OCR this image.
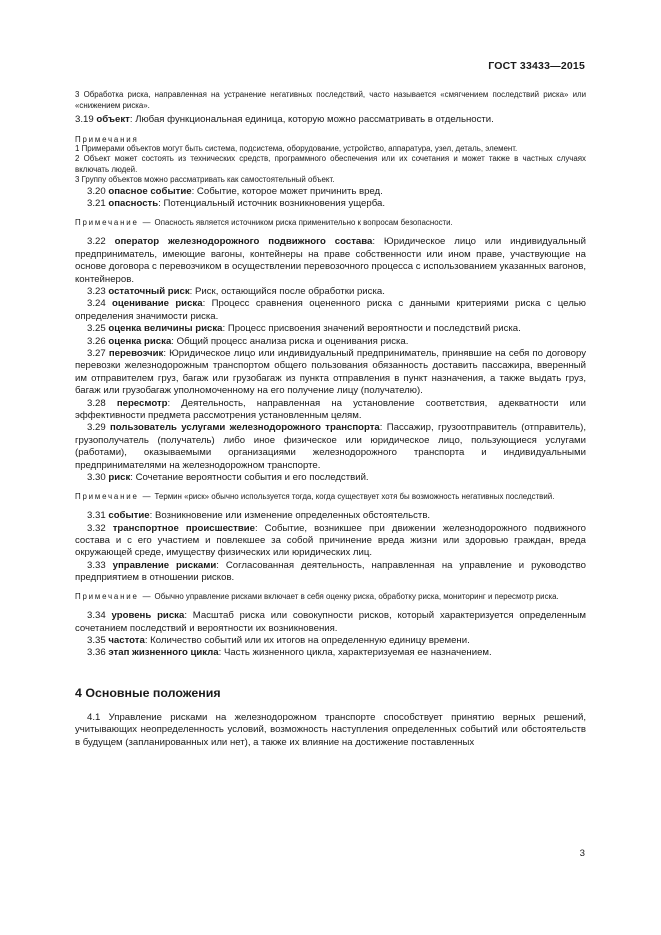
ГОСТ 33433—2015
3 Обработка риска, направленная на устранение негативных последствий, часто называется «смягчением последствий риска» или «снижением риска».
3.19 объект: Любая функциональная единица, которую можно рассматривать в отдельности.
Примечания
1 Примерами объектов могут быть система, подсистема, оборудование, устройство, аппаратура, узел, деталь, элемент.
2 Объект может состоять из технических средств, программного обеспечения или их сочетания и может также в частных случаях включать людей.
3 Группу объектов можно рассматривать как самостоятельный объект.
3.20 опасное событие: Событие, которое может причинить вред.
3.21 опасность: Потенциальный источник возникновения ущерба.
Примечание — Опасность является источником риска применительно к вопросам безопасности.
3.22 оператор железнодорожного подвижного состава: Юридическое лицо или индивидуальный предприниматель, имеющие вагоны, контейнеры на праве собственности или ином праве, участвующие на основе договора с перевозчиком в осуществлении перевозочного процесса с использованием указанных вагонов, контейнеров.
3.23 остаточный риск: Риск, остающийся после обработки риска.
3.24 оценивание риска: Процесс сравнения оцененного риска с данными критериями риска с целью определения значимости риска.
3.25 оценка величины риска: Процесс присвоения значений вероятности и последствий риска.
3.26 оценка риска: Общий процесс анализа риска и оценивания риска.
3.27 перевозчик: Юридическое лицо или индивидуальный предприниматель, принявшие на себя по договору перевозки железнодорожным транспортом общего пользования обязанность доставить пассажира, вверенный им отправителем груз, багаж или грузобагаж из пункта отправления в пункт назначения, а также выдать груз, багаж или грузобагаж уполномоченному на его получение лицу (получателю).
3.28 пересмотр: Деятельность, направленная на установление соответствия, адекватности или эффективности предмета рассмотрения установленным целям.
3.29 пользователь услугами железнодорожного транспорта: Пассажир, грузоотправитель (отправитель), грузополучатель (получатель) либо иное физическое или юридическое лицо, пользующиеся услугами (работами), оказываемыми организациями железнодорожного транспорта и индивидуальными предпринимателями на железнодорожном транспорте.
3.30 риск: Сочетание вероятности события и его последствий.
Примечание — Термин «риск» обычно используется тогда, когда существует хотя бы возможность негативных последствий.
3.31 событие: Возникновение или изменение определенных обстоятельств.
3.32 транспортное происшествие: Событие, возникшее при движении железнодорожного подвижного состава и с его участием и повлекшее за собой причинение вреда жизни или здоровью граждан, вреда окружающей среде, имуществу физических или юридических лиц.
3.33 управление рисками: Согласованная деятельность, направленная на управление и руководство предприятием в отношении рисков.
Примечание — Обычно управление рисками включает в себя оценку риска, обработку риска, мониторинг и пересмотр риска.
3.34 уровень риска: Масштаб риска или совокупности рисков, который характеризуется определенным сочетанием последствий и вероятности их возникновения.
3.35 частота: Количество событий или их итогов на определенную единицу времени.
3.36 этап жизненного цикла: Часть жизненного цикла, характеризуемая ее назначением.
4 Основные положения
4.1 Управление рисками на железнодорожном транспорте способствует принятию верных решений, учитывающих неопределенность условий, возможность наступления определенных событий или обстоятельств в будущем (запланированных или нет), а также их влияние на достижение поставленных
3
